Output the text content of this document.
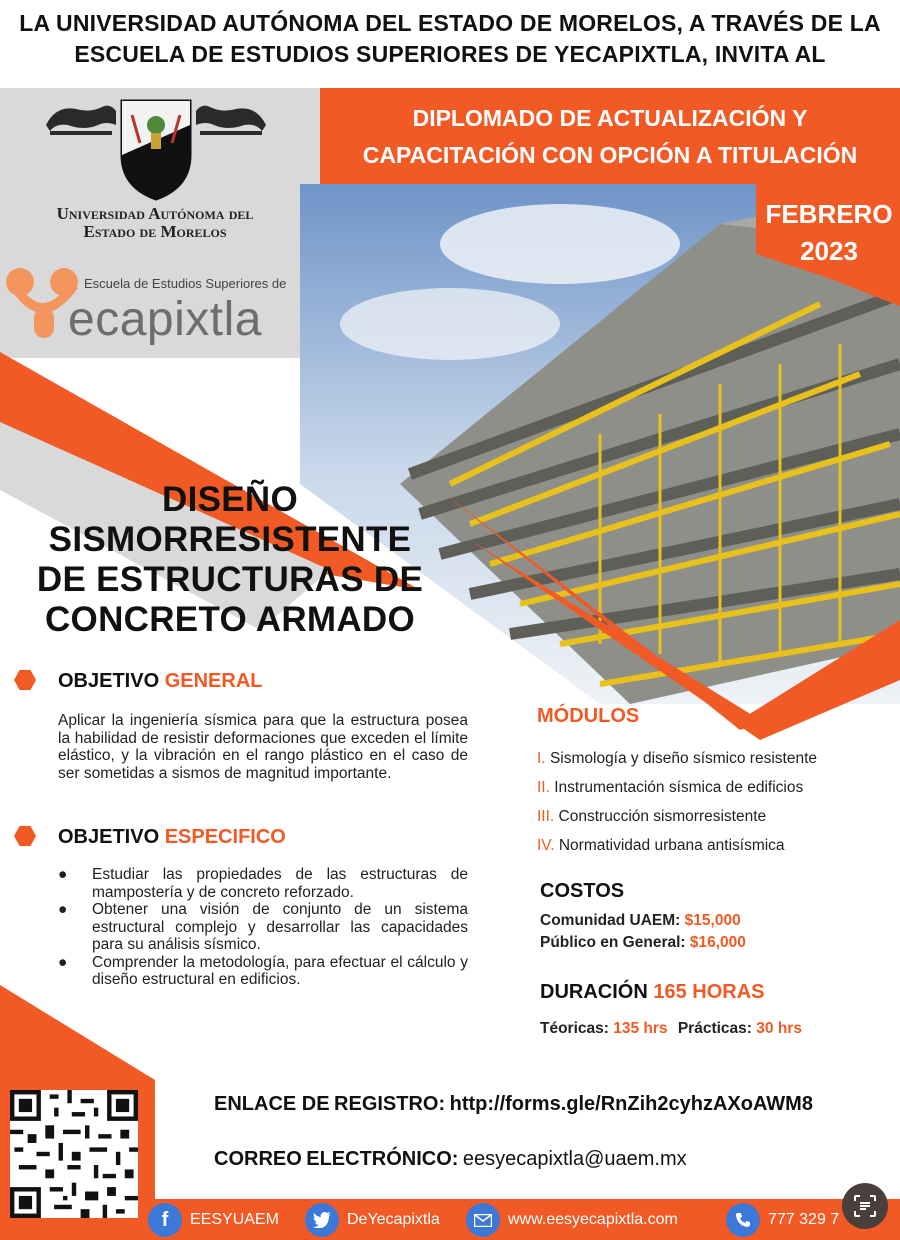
LA UNIVERSIDAD AUTÓNOMA DEL ESTADO DE MORELOS, A TRAVÉS DE LA
ESCUELA DE ESTUDIOS SUPERIORES DE YECAPIXTLA, INVITA AL
Universidad Autónoma del
Estado de Morelos
Escuela de Estudios Superiores de
ecapixtla
DIPLOMADO DE ACTUALIZACIÓN Y
CAPACITACIÓN CON OPCIÓN A TITULACIÓN
FEBRERO
2023
DISEÑO
SISMORRESISTENTE
DE ESTRUCTURAS DE
CONCRETO ARMADO
OBJETIVO GENERAL
Aplicar la ingeniería sísmica para que la estructura posea la habilidad de resistir deformaciones que exceden el límite elástico, y la vibración en el rango plástico en el caso de ser sometidas a sismos de magnitud importante.
OBJETIVO ESPECIFICO
●	Estudiar las propiedades de las estructuras de mampostería y de concreto reforzado.
●	Obtener una visión de conjunto de un sistema estructural complejo y desarrollar las capacidades para su análisis sísmico.
●	Comprender la metodología, para efectuar el cálculo y diseño estructural en edificios.
MÓDULOS
I. Sismología y diseño sísmico resistente
II. Instrumentación sísmica de edificios
III. Construcción sismorresistente
IV. Normatividad urbana antisísmica
COSTOS
Comunidad UAEM: $15,000
Público en General: $16,000
DURACIÓN 165 HORAS
Téoricas: 135 hrs Prácticas: 30 hrs
ENLACE DE REGISTRO: http://forms.gle/RnZih2cyhzAXoAWM8
CORREO ELECTRÓNICO: eesyecapixtla@uaem.mx
f	EESYUAEM	DeYecapixtla	www.eesyecapixtla.com	777 329 7
